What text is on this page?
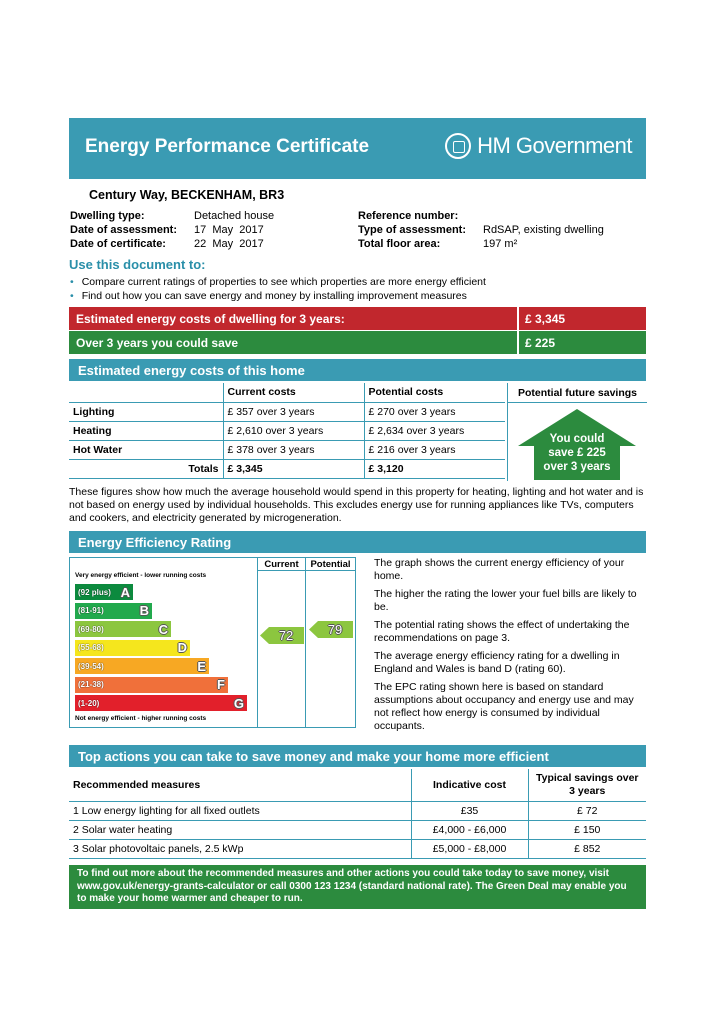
Energy Performance Certificate	HM Government
Century Way, BECKENHAM, BR3
Dwelling type:	Detached house
Date of assessment:	17  May  2017
Date of certificate:	22  May  2017
Reference number:
Type of assessment:	RdSAP, existing dwelling
Total floor area:	197 m²
Use this document to:
• Compare current ratings of properties to see which properties are more energy efficient
• Find out how you can save energy and money by installing improvement measures
Estimated energy costs of dwelling for 3 years:	£ 3,345
Over 3 years you could save	£ 225
Estimated energy costs of this home
	Current costs	Potential costs
Lighting	£ 357 over 3 years	£ 270 over 3 years
Heating	£ 2,610 over 3 years	£ 2,634 over 3 years
Hot Water	£ 378 over 3 years	£ 216 over 3 years
Totals	£ 3,345	£ 3,120
Potential future savings
You could
save £ 225
over 3 years
These figures show how much the average household would spend in this property for heating, lighting and hot water and is not based on energy used by individual households. This excludes energy use for running appliances like TVs, computers and cookers, and electricity generated by microgeneration.
Energy Efficiency Rating
Very energy efficient - lower running costs
Not energy efficient - higher running costs
(92 plus) A
(81-91)	B
(69-80)	C
(55-68)	D
(39-54)	E
(21-38)	F
(1-20)	G
Current	Potential
72	79
The graph shows the current energy efficiency of your home.
The higher the rating the lower your fuel bills are likely to be.
The potential rating shows the effect of undertaking the recommendations on page 3.
The average energy efficiency rating for a dwelling in England and Wales is band D (rating 60).
The EPC rating shown here is based on standard assumptions about occupancy and energy use and may not reflect how energy is consumed by individual occupants.
Top actions you can take to save money and make your home more efficient
Recommended measures	Indicative cost	Typical savings over 3 years
1 Low energy lighting for all fixed outlets	£35	£ 72
2 Solar water heating	£4,000 - £6,000	£ 150
3 Solar photovoltaic panels, 2.5 kWp	£5,000 - £8,000	£ 852
To find out more about the recommended measures and other actions you could take today to save money, visit www.gov.uk/energy-grants-calculator or call 0300 123 1234 (standard national rate). The Green Deal may enable you to make your home warmer and cheaper to run.
